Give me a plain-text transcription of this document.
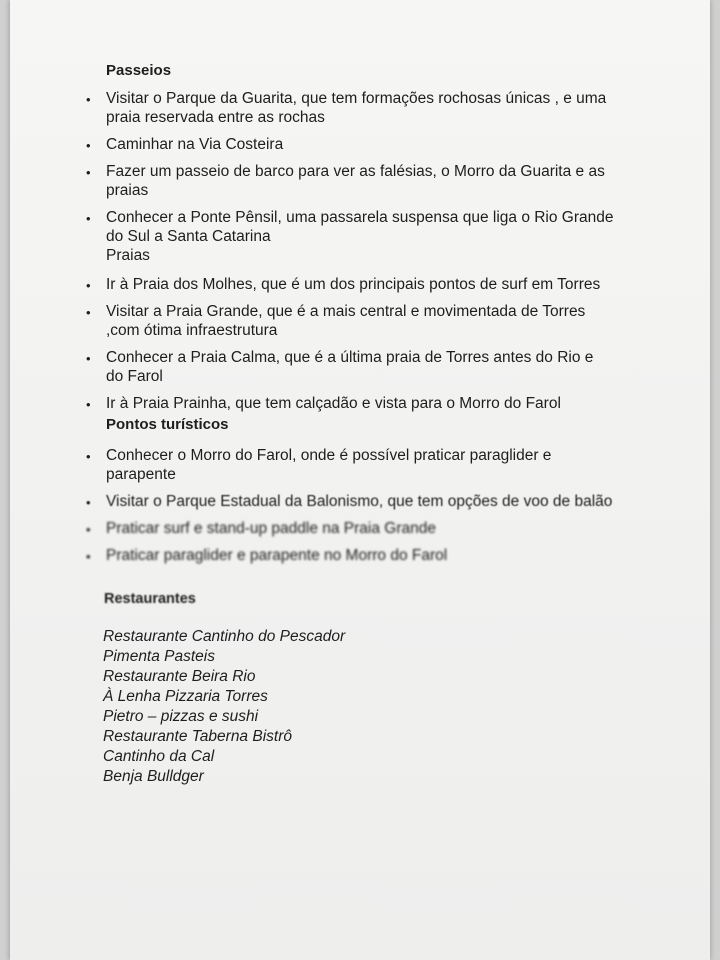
Passeios
• Visitar o Parque da Guarita, que tem formações rochosas únicas , e uma praia reservada entre as rochas
• Caminhar na Via Costeira
• Fazer um passeio de barco para ver as falésias, o Morro da Guarita e as praias
• Conhecer a Ponte Pênsil, uma passarela suspensa que liga o Rio Grande do Sul a Santa Catarina
Praias
• Ir à Praia dos Molhes, que é um dos principais pontos de surf em Torres
• Visitar a Praia Grande, que é a mais central e movimentada de Torres ,com ótima infraestrutura
• Conhecer a Praia Calma, que é a última praia de Torres antes do Rio e do Farol
• Ir à Praia Prainha, que tem calçadão e vista para o Morro do Farol
Pontos turísticos
• Conhecer o Morro do Farol, onde é possível praticar paraglider e parapente
• Visitar o Parque Estadual da Balonismo, que tem opções de voo de balão
• Praticar surf e stand-up paddle na Praia Grande
• Praticar paraglider e parapente no Morro do Farol
Restaurantes
Restaurante Cantinho do Pescador
Pimenta Pasteis
Restaurante Beira Rio
À Lenha Pizzaria Torres
Pietro – pizzas e sushi
Restaurante Taberna Bistrô
Cantinho da Cal
Benja Bulldger
